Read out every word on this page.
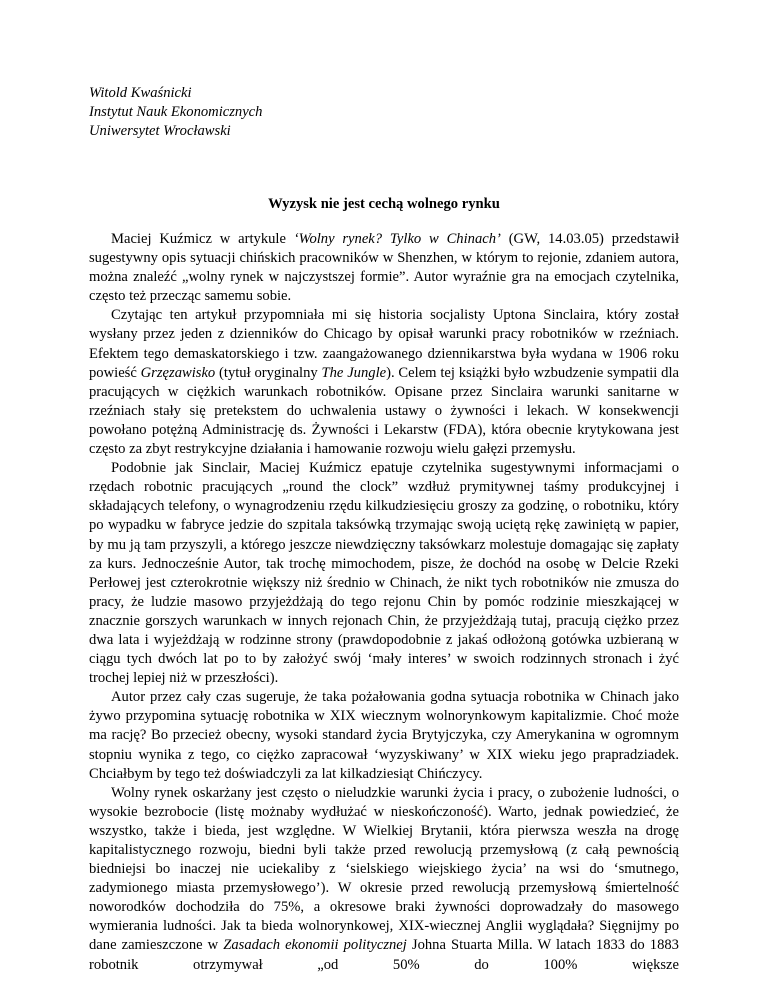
Witold Kwaśnicki
Instytut Nauk Ekonomicznych
Uniwersytet Wrocławski
Wyzysk nie jest cechą wolnego rynku

Maciej Kuźmicz w artykule ‘Wolny rynek? Tylko w Chinach’ (GW, 14.03.05) przedstawił sugestywny opis sytuacji chińskich pracowników w Shenzhen, w którym to rejonie, zdaniem autora, można znaleźć „wolny rynek w najczystszej formie”. Autor wyraźnie gra na emocjach czytelnika, często też przecząc samemu sobie.

Czytając ten artykuł przypomniała mi się historia socjalisty Uptona Sinclaira, który został wysłany przez jeden z dzienników do Chicago by opisał warunki pracy robotników w rzeźniach. Efektem tego demaskatorskiego i tzw. zaangażowanego dziennikarstwa była wydana w 1906 roku powieść Grzęzawisko (tytuł oryginalny The Jungle). Celem tej książki było wzbudzenie sympatii dla pracujących w ciężkich warunkach robotników. Opisane przez Sinclaira warunki sanitarne w rzeźniach stały się pretekstem do uchwalenia ustawy o żywności i lekach. W konsekwencji powołano potężną Administrację ds. Żywności i Lekarstw (FDA), która obecnie krytykowana jest często za zbyt restrykcyjne działania i hamowanie rozwoju wielu gałęzi przemysłu.

Podobnie jak Sinclair, Maciej Kuźmicz epatuje czytelnika sugestywnymi informacjami o rzędach robotnic pracujących „round the clock” wzdłuż prymitywnej taśmy produkcyjnej i składających telefony, o wynagrodzeniu rzędu kilkudziesięciu groszy za godzinę, o robotniku, który po wypadku w fabryce jedzie do szpitala taksówką trzymając swoją uciętą rękę zawiniętą w papier, by mu ją tam przyszyli, a którego jeszcze niewdzięczny taksówkarz molestuje domagając się zapłaty za kurs. Jednocześnie Autor, tak trochę mimochodem, pisze, że dochód na osobę w Delcie Rzeki Perłowej jest czterokrotnie większy niż średnio w Chinach, że nikt tych robotników nie zmusza do pracy, że ludzie masowo przyjeżdżają do tego rejonu Chin by pomóc rodzinie mieszkającej w znacznie gorszych warunkach w innych rejonach Chin, że przyjeżdżają tutaj, pracują ciężko przez dwa lata i wyjeżdżają w rodzinne strony (prawdopodobnie z jakaś odłożoną gotówka uzbieraną w ciągu tych dwóch lat po to by założyć swój ‘mały interes’ w swoich rodzinnych stronach i żyć trochej lepiej niż w przeszłości).

Autor przez cały czas sugeruje, że taka pożałowania godna sytuacja robotnika w Chinach jako żywo przypomina sytuację robotnika w XIX wiecznym wolnorynkowym kapitalizmie. Choć może ma rację? Bo przecież obecny, wysoki standard życia Brytyjczyka, czy Amerykanina w ogromnym stopniu wynika z tego, co ciężko zapracował ‘wyzyskiwany’ w XIX wieku jego prapradziadek. Chciałbym by tego też doświadczyli za lat kilkadziesiąt Chińczycy.

Wolny rynek oskarżany jest często o nieludzkie warunki życia i pracy, o zubożenie ludności, o wysokie bezrobocie (listę możnaby wydłużać w nieskończoność). Warto, jednak powiedzieć, że wszystko, także i bieda, jest względne. W Wielkiej Brytanii, która pierwsza weszła na drogę kapitalistycznego rozwoju, biedni byli także przed rewolucją przemysłową (z całą pewnością biedniejsi bo inaczej nie uciekaliby z ‘sielskiego wiejskiego życia’ na wsi do ‘smutnego, zadymionego miasta przemysłowego’). W okresie przed rewolucją przemysłową śmiertelność noworodków dochodziła do 75%, a okresowe braki żywności doprowadzały do masowego wymierania ludności. Jak ta bieda wolnorynkowej, XIX-wiecznej Anglii wyglądała? Sięgnijmy po dane zamieszczone w Zasadach ekonomii politycznej Johna Stuarta Milla. W latach 1833 do 1883 robotnik otrzymywał „od 50% do 100% większe
